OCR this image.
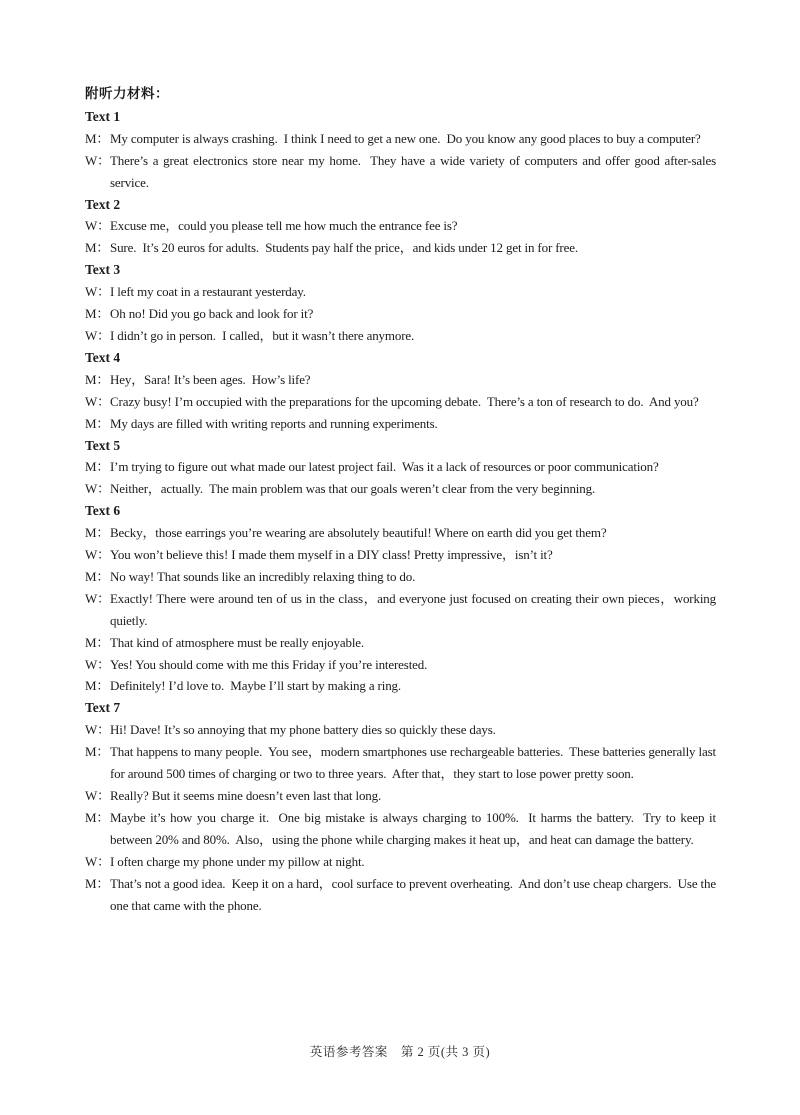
附听力材料：
Text 1
M： My computer is always crashing.  I think I need to get a new one.  Do you know any good places to buy a computer?
W： There’s a great electronics store near my home.  They have a wide variety of computers and offer good after-sales service.
Text 2
W： Excuse me，could you please tell me how much the entrance fee is?
M： Sure.  It’s 20 euros for adults.  Students pay half the price，and kids under 12 get in for free.
Text 3
W： I left my coat in a restaurant yesterday.
M： Oh no! Did you go back and look for it?
W： I didn’t go in person.  I called，but it wasn’t there anymore.
Text 4
M： Hey，Sara! It’s been ages.  How’s life?
W： Crazy busy! I’m occupied with the preparations for the upcoming debate.  There’s a ton of research to do.  And you?
M： My days are filled with writing reports and running experiments.
Text 5
M： I’m trying to figure out what made our latest project fail.  Was it a lack of resources or poor communication?
W： Neither，actually.  The main problem was that our goals weren’t clear from the very beginning.
Text 6
M： Becky，those earrings you’re wearing are absolutely beautiful! Where on earth did you get them?
W： You won’t believe this! I made them myself in a DIY class! Pretty impressive，isn’t it?
M： No way! That sounds like an incredibly relaxing thing to do.
W： Exactly! There were around ten of us in the class，and everyone just focused on creating their own pieces，working quietly.
M： That kind of atmosphere must be really enjoyable.
W： Yes! You should come with me this Friday if you’re interested.
M： Definitely! I’d love to.  Maybe I’ll start by making a ring.
Text 7
W： Hi! Dave! It’s so annoying that my phone battery dies so quickly these days.
M： That happens to many people.  You see，modern smartphones use rechargeable batteries.  These batteries generally last for around 500 times of charging or two to three years.  After that，they start to lose power pretty soon.
W： Really? But it seems mine doesn’t even last that long.
M： Maybe it’s how you charge it.  One big mistake is always charging to 100%.  It harms the battery.  Try to keep it between 20% and 80%.  Also，using the phone while charging makes it heat up，and heat can damage the battery.
W： I often charge my phone under my pillow at night.
M： That’s not a good idea.  Keep it on a hard，cool surface to prevent overheating.  And don’t use cheap chargers.  Use the one that came with the phone.
英语参考答案　第 2 页(共 3 页)
